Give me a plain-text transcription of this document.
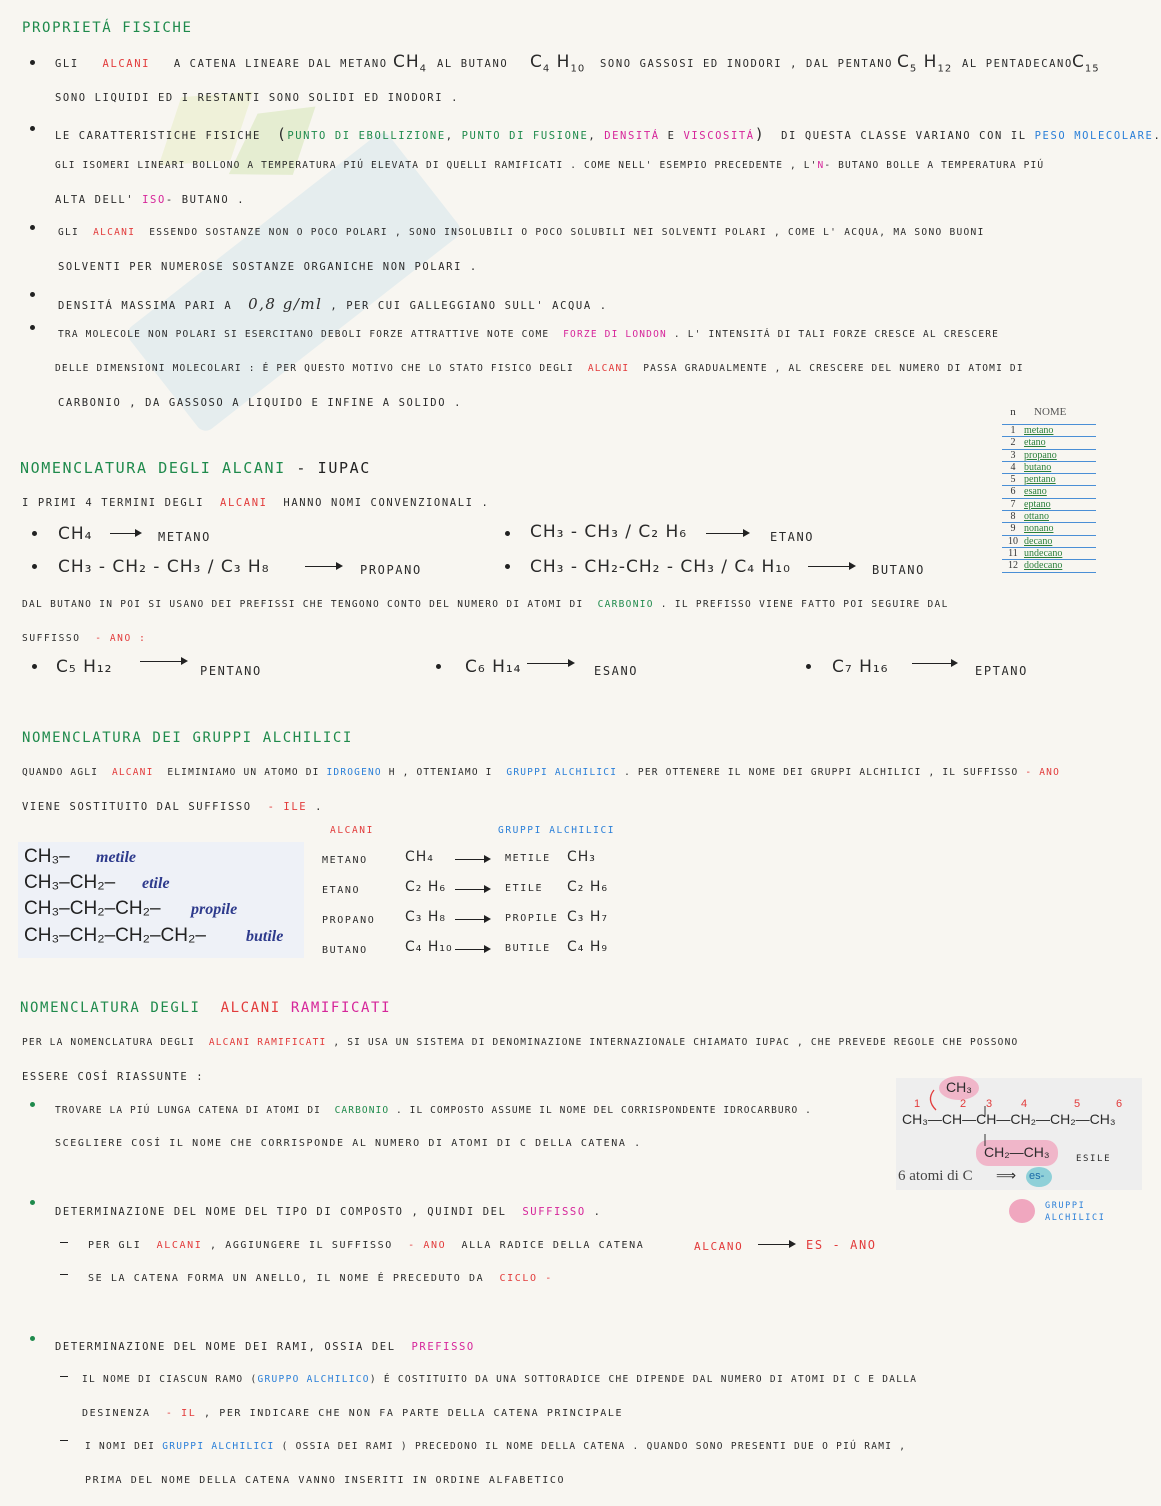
PROPRIETÁ FISICHE
GLI ALCANI A CATENA LINEARE DAL METANO $CH_4$ AL BUTANO $C_4$ $H_{10}$ SONO GASSOSI ED INODORI , DAL PENTANO $C_5$ $H_{12}$ AL PENTADECANO $C_{15}$
SONO LIQUIDI ED I RESTANTI SONO SOLIDI ED INODORI .
LE CARATTERISTICHE FISICHE (PUNTO DI EBOLLIZIONE, PUNTO DI FUSIONE, DENSITÁ E VISCOSITÁ) DI QUESTA CLASSE VARIANO CON IL PESO MOLECOLARE.
GLI ISOMERI LINEARI BOLLONO A TEMPERATURA PIÚ ELEVATA DI QUELLI RAMIFICATI . COME NELL' ESEMPIO PRECEDENTE , L'N- BUTANO BOLLE A TEMPERATURA PIÚ
ALTA DELL' ISO- BUTANO .
GLI ALCANI ESSENDO SOSTANZE NON O POCO POLARI , SONO INSOLUBILI O POCO SOLUBILI NEI SOLVENTI POLARI , COME L' ACQUA, MA SONO BUONI
SOLVENTI PER NUMEROSE SOSTANZE ORGANICHE NON POLARI .
DENSITÁ MASSIMA PARI A 0,8 g/ml , PER CUI GALLEGGIANO SULL' ACQUA .
TRA MOLECOLE NON POLARI SI ESERCITANO DEBOLI FORZE ATTRATTIVE NOTE COME FORZE DI LONDON . L' INTENSITÁ DI TALI FORZE CRESCE AL CRESCERE
DELLE DIMENSIONI MOLECOLARI : É PER QUESTO MOTIVO CHE LO STATO FISICO DEGLI ALCANI PASSA GRADUALMENTE , AL CRESCERE DEL NUMERO DI ATOMI DI
CARBONIO , DA GASSOSO A LIQUIDO E INFINE A SOLIDO .
n	NOME
1 metano
2 etano
3 propano
4 butano
5 pentano
6 esano
7 eptano
8 ottano
9 nonano
10 decano
11 undecano
12 dodecano
NOMENCLATURA DEGLI ALCANI - IUPAC
I PRIMI 4 TERMINI DEGLI ALCANI HANNO NOMI CONVENZIONALI .
CH₄	METANO	CH₃ - CH₃ / C₂ H₆	ETANO
CH₃ - CH₂ - CH₃ / C₃ H₈	PROPANO	CH₃ - CH₂-CH₂ - CH₃ / C₄ H₁₀	BUTANO
DAL BUTANO IN POI SI USANO DEI PREFISSI CHE TENGONO CONTO DEL NUMERO DI ATOMI DI CARBONIO . IL PREFISSO VIENE FATTO POI SEGUIRE DAL
SUFFISSO - ANO :
C₅ H₁₂	PENTANO	C₆ H₁₄	ESANO	C₇ H₁₆	EPTANO
NOMENCLATURA DEI GRUPPI ALCHILICI
QUANDO AGLI ALCANI ELIMINIAMO UN ATOMO DI IDROGENO H , OTTENIAMO I GRUPPI ALCHILICI . PER OTTENERE IL NOME DEI GRUPPI ALCHILICI , IL SUFFISSO - ANO
VIENE SOSTITUITO DAL SUFFISSO - ILE .
CH₃– metile
CH₃–CH₂– etile
CH₃–CH₂–CH₂– propile
CH₃–CH₂–CH₂–CH₂–	butile
ALCANI	GRUPPI ALCHILICI
METANO	CH₄	METILE CH₃
ETANO	C₂ H₆	ETILE C₂ H₆
PROPANO C₃ H₈	PROPILE C₃ H₇
BUTANO	C₄ H₁₀	BUTILE C₄ H₉
NOMENCLATURA DEGLI ALCANI RAMIFICATI
PER LA NOMENCLATURA DEGLI ALCANI RAMIFICATI , SI USA UN SISTEMA DI DENOMINAZIONE INTERNAZIONALE CHIAMATO IUPAC , CHE PREVEDE REGOLE CHE POSSONO
ESSERE COSÍ RIASSUNTE :
TROVARE LA PIÚ LUNGA CATENA DI ATOMI DI CARBONIO . IL COMPOSTO ASSUME IL NOME DEL CORRISPONDENTE IDROCARBURO .
SCEGLIERE COSÍ IL NOME CHE CORRISPONDE AL NUMERO DI ATOMI DI C DELLA CATENA .
DETERMINAZIONE DEL NOME DEL TIPO DI COMPOSTO , QUINDI DEL SUFFISSO .
PER GLI ALCANI , AGGIUNGERE IL SUFFISSO - ANO ALLA RADICE DELLA CATENA	ALCANO	ES - ANO
SE LA CATENA FORMA UN ANELLO, IL NOME É PRECEDUTO DA CICLO -
DETERMINAZIONE DEL NOME DEI RAMI, OSSIA DEL PREFISSO
IL NOME DI CIASCUN RAMO (GRUPPO ALCHILICO) É COSTITUITO DA UNA SOTTORADICE CHE DIPENDE DAL NUMERO DI ATOMI DI C E DALLA
DESINENZA - IL , PER INDICARE CHE NON FA PARTE DELLA CATENA PRINCIPALE
I NOMI DEI GRUPPI ALCHILICI ( OSSIA DEI RAMI ) PRECEDONO IL NOME DELLA CATENA . QUANDO SONO PRESENTI DUE O PIÚ RAMI ,
PRIMA DEL NOME DELLA CATENA VANNO INSERITI IN ORDINE ALFABETICO
CH₃
CH₃—CH—CH—CH₂—CH₂—CH₃
CH₂—CH₃
1	2 3	4	5	6
6 atomi di C ⟹ es-
ESILE
GRUPPI ALCHILICI
